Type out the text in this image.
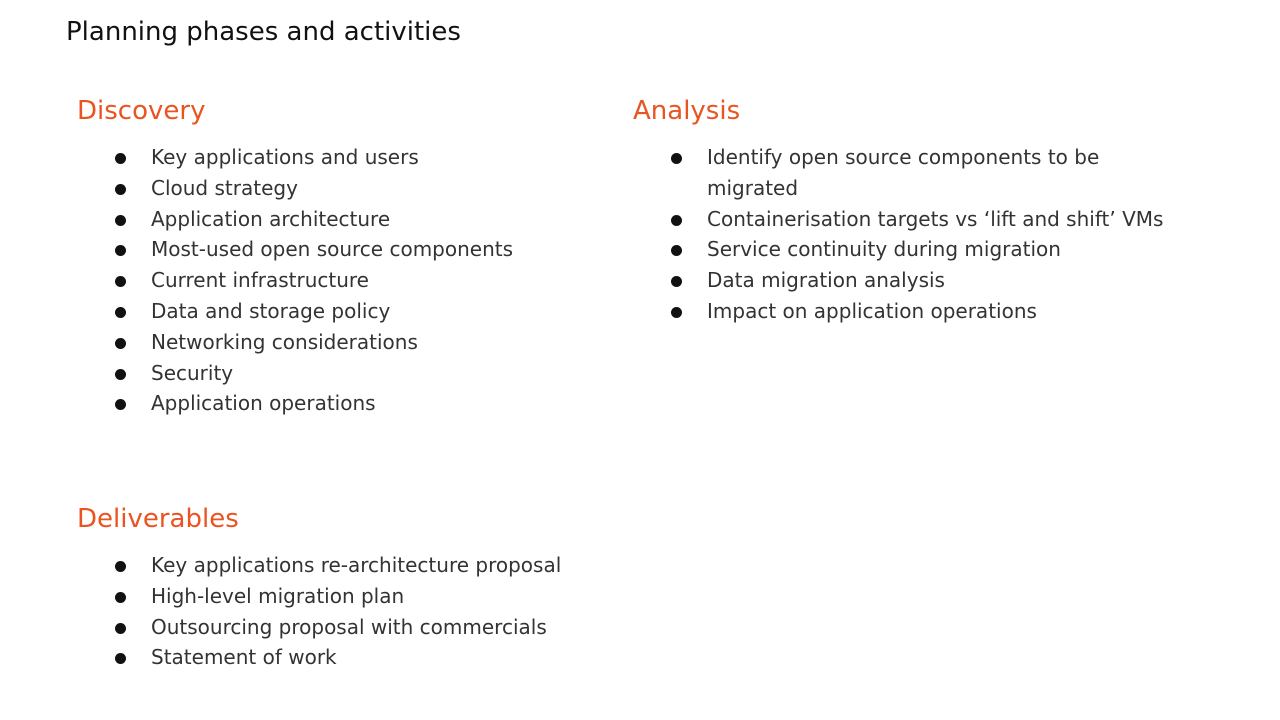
Planning phases and activities
Discovery
Key applications and users
Cloud strategy
Application architecture
Most-used open source components
Current infrastructure
Data and storage policy
Networking considerations
Security
Application operations
Analysis
Identify open source components to be migrated
Containerisation targets vs ‘lift and shift’ VMs
Service continuity during migration
Data migration analysis
Impact on application operations
Deliverables
Key applications re-architecture proposal
High-level migration plan
Outsourcing proposal with commercials
Statement of work
